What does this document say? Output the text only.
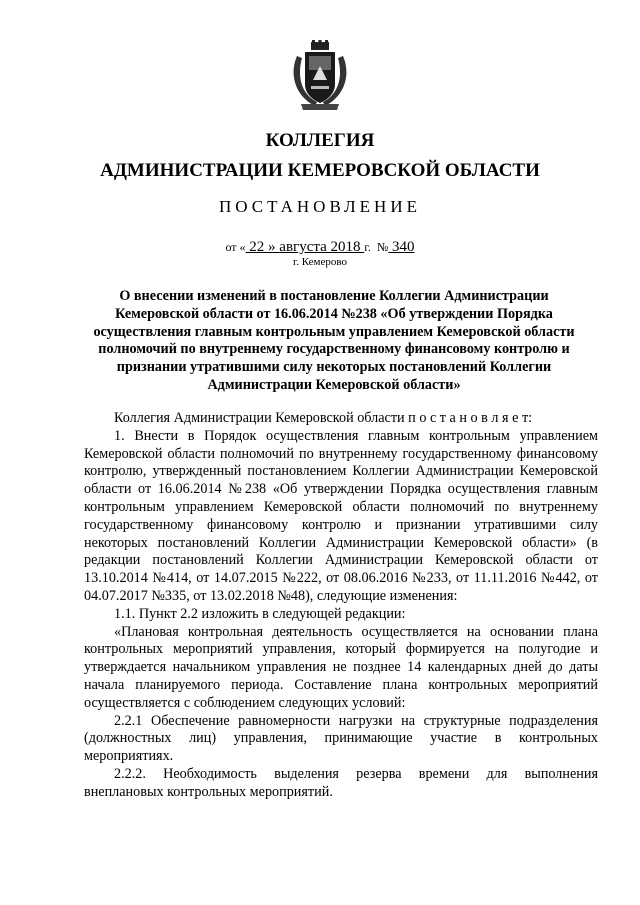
КОЛЛЕГИЯ
АДМИНИСТРАЦИИ КЕМЕРОВСКОЙ ОБЛАСТИ
ПОСТАНОВЛЕНИЕ
от « 22 » августа 2018 г. № 340
г. Кемерово
О внесении изменений в постановление Коллегии Администрации Кемеровской области от 16.06.2014 №238 «Об утверждении Порядка осуществления главным контрольным управлением Кемеровской области полномочий по внутреннему государственному финансовому контролю и признании утратившими силу некоторых постановлений Коллегии Администрации Кемеровской области»

Коллегия Администрации Кемеровской области п о с т а н о в л я е т:

1. Внести в Порядок осуществления главным контрольным управлением Кемеровской области полномочий по внутреннему государственному финансовому контролю, утвержденный постановлением Коллегии Администрации Кемеровской области от 16.06.2014 №238 «Об утверждении Порядка осуществления главным контрольным управлением Кемеровской области полномочий по внутреннему государственному финансовому контролю и признании утратившими силу некоторых постановлений Коллегии Администрации Кемеровской области» (в редакции постановлений Коллегии Администрации Кемеровской области от 13.10.2014 №414, от 14.07.2015 №222, от 08.06.2016 №233, от 11.11.2016 №442, от 04.07.2017 №335, от 13.02.2018 №48), следующие изменения:

1.1. Пункт 2.2 изложить в следующей редакции:

«Плановая контрольная деятельность осуществляется на основании плана контрольных мероприятий управления, который формируется на полугодие и утверждается начальником управления не позднее 14 календарных дней до даты начала планируемого периода. Составление плана контрольных мероприятий осуществляется с соблюдением следующих условий:

2.2.1 Обеспечение равномерности нагрузки на структурные подразделения (должностных лиц) управления, принимающие участие в контрольных мероприятиях.

2.2.2. Необходимость выделения резерва времени для выполнения внеплановых контрольных мероприятий.
